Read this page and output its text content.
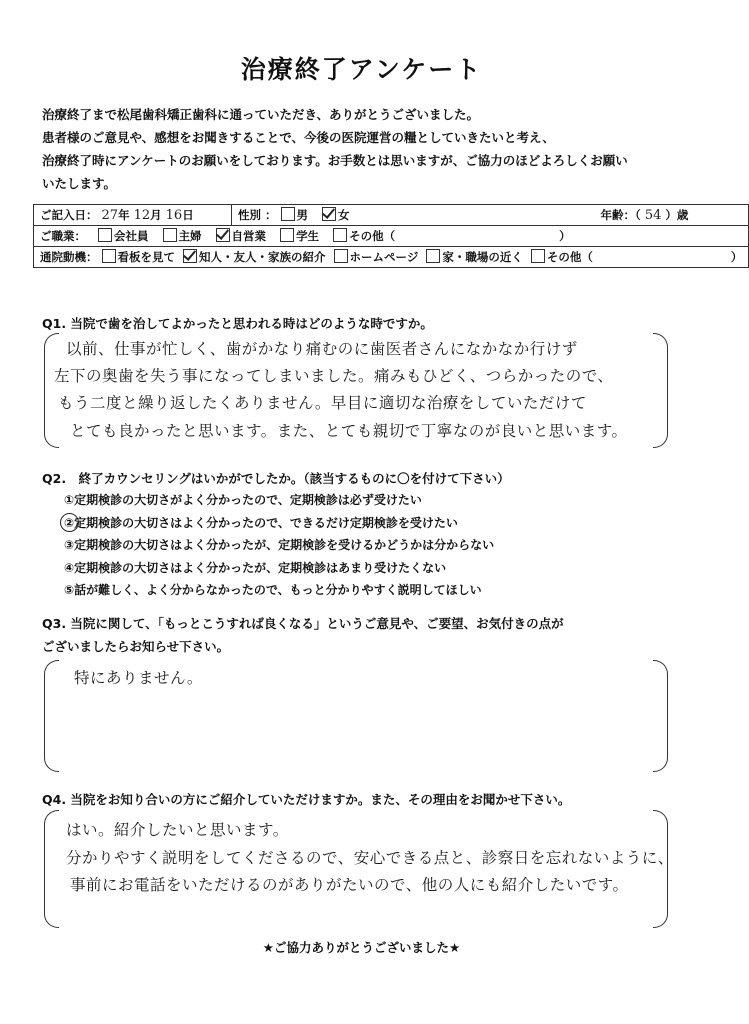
治療終了アンケート
治療終了まで松尾歯科矯正歯科に通っていただき、ありがとうございました。
患者様のご意見や、感想をお聞きすることで、今後の医院運営の糧としていきたいと考え、
治療終了時にアンケートのお願いをしております。お手数とは思いますが、ご協力のほどよろしくお願い
いたします。
ご記入日： 27年 12月 16日	性別 ： 男	女	年齢：（ 54 ）歳
ご職業： 会社員	主婦	自営業	学生	その他（	）
通院動機： 看板を見て 知人・友人・家族の紹介 ホームページ 家・職場の近く その他（	）
Q1. 当院で歯を治してよかったと思われる時はどのような時ですか。
以前、仕事が忙しく、歯がかなり痛むのに歯医者さんになかなか行けず
左下の奥歯を失う事になってしまいました。痛みもひどく、つらかったので、
もう二度と繰り返したくありません。早目に適切な治療をしていただけて
とても良かったと思います。また、とても親切で丁寧なのが良いと思います。
Q2.　終了カウンセリングはいかがでしたか。（該当するものに〇を付けて下さい）
①定期検診の大切さがよく分かったので、定期検診は必ず受けたい
②定期検診の大切さはよく分かったので、できるだけ定期検診を受けたい
③定期検診の大切さはよく分かったが、定期検診を受けるかどうかは分からない
④定期検診の大切さはよく分かったが、定期検診はあまり受けたくない
⑤話が難しく、よく分からなかったので、もっと分かりやすく説明してほしい
Q3. 当院に関して、「もっとこうすれば良くなる」というご意見や、ご要望、お気付きの点が
ございましたらお知らせ下さい。
特にありません。
Q4. 当院をお知り合いの方にご紹介していただけますか。また、その理由をお聞かせ下さい。
はい。紹介したいと思います。
分かりやすく説明をしてくださるので、安心できる点と、診察日を忘れないように、
事前にお電話をいただけるのがありがたいので、他の人にも紹介したいです。
★ご協力ありがとうございました★
